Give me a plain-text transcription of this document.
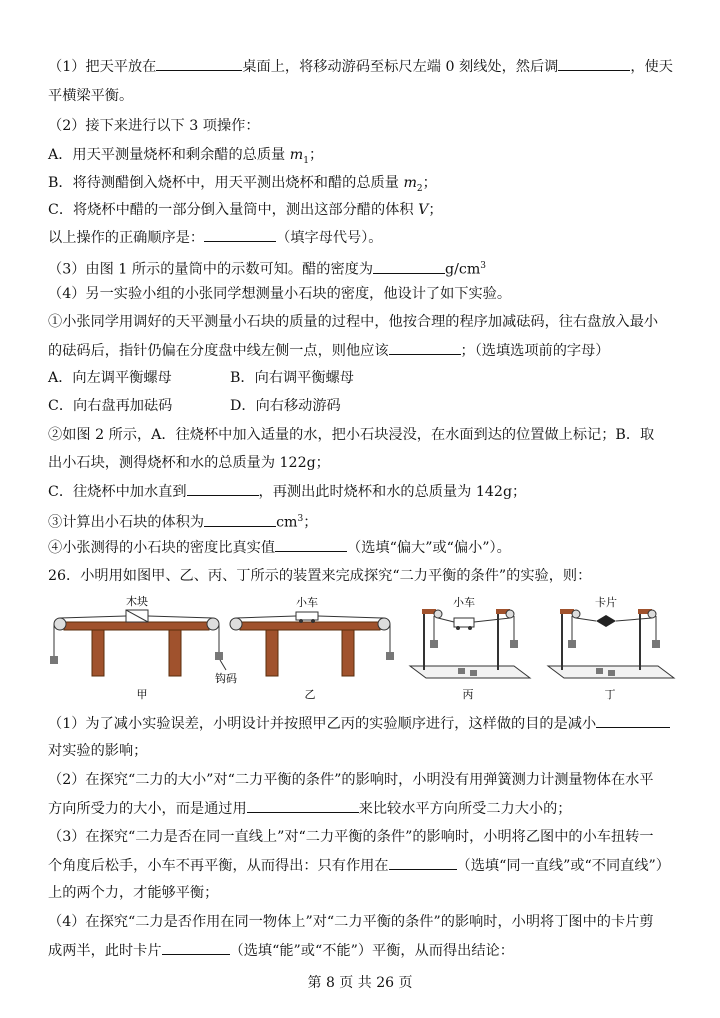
（1）把天平放在	桌面上，将移动游码至标尺左端 0 刻线处，然后调	，使天
平横梁平衡。
（2）接下来进行以下 3 项操作：
A．用天平测量烧杯和剩余醋的总质量 $m_1$；
B．将待测醋倒入烧杯中，用天平测出烧杯和醋的总质量 $m_2$；
C．将烧杯中醋的一部分倒入量筒中，测出这部分醋的体积 V；
以上操作的正确顺序是：	（填字母代号）。
（3）由图 1 所示的量筒中的示数可知。醋的密度为	$g/cm^3$
（4）另一实验小组的小张同学想测量小石块的密度，他设计了如下实验。
①小张同学用调好的天平测量小石块的质量的过程中，他按合理的程序加减砝码，往右盘放入最小
的砝码后，指针仍偏在分度盘中线左侧一点，则他应该	；（选填选项前的字母）
A．向左调平衡螺母	B．向右调平衡螺母
C．向右盘再加砝码	D．向右移动游码
②如图 2 所示，A．往烧杯中加入适量的水，把小石块浸没，在水面到达的位置做上标记；B．取
出小石块，测得烧杯和水的总质量为 122g；
C．往烧杯中加水直到	，再测出此时烧杯和水的总质量为 142g；
③计算出小石块的体积为	$cm^3$；
④小张测得的小石块的密度比真实值	（选填“偏大”或“偏小”）。
26．小明用如图甲、乙、丙、丁所示的装置来完成探究“二力平衡的条件”的实验，则：
木块
钩码
甲
小车
乙
小车
丙
卡片
丁
（1）为了减小实验误差，小明设计并按照甲乙丙的实验顺序进行，这样做的目的是减小
对实验的影响；
（2）在探究“二力的大小”对“二力平衡的条件”的影响时，小明没有用弹簧测力计测量物体在水平
方向所受力的大小，而是通过用	来比较水平方向所受二力大小的；
（3）在探究“二力是否在同一直线上”对“二力平衡的条件”的影响时，小明将乙图中的小车扭转一
个角度后松手，小车不再平衡，从而得出：只有作用在	（选填“同一直线”或“不同直线”）
上的两个力，才能够平衡；
（4）在探究“二力是否作用在同一物体上”对“二力平衡的条件”的影响时，小明将丁图中的卡片剪
成两半，此时卡片	（选填“能”或“不能”）平衡，从而得出结论：
第 8 页 共 26 页
